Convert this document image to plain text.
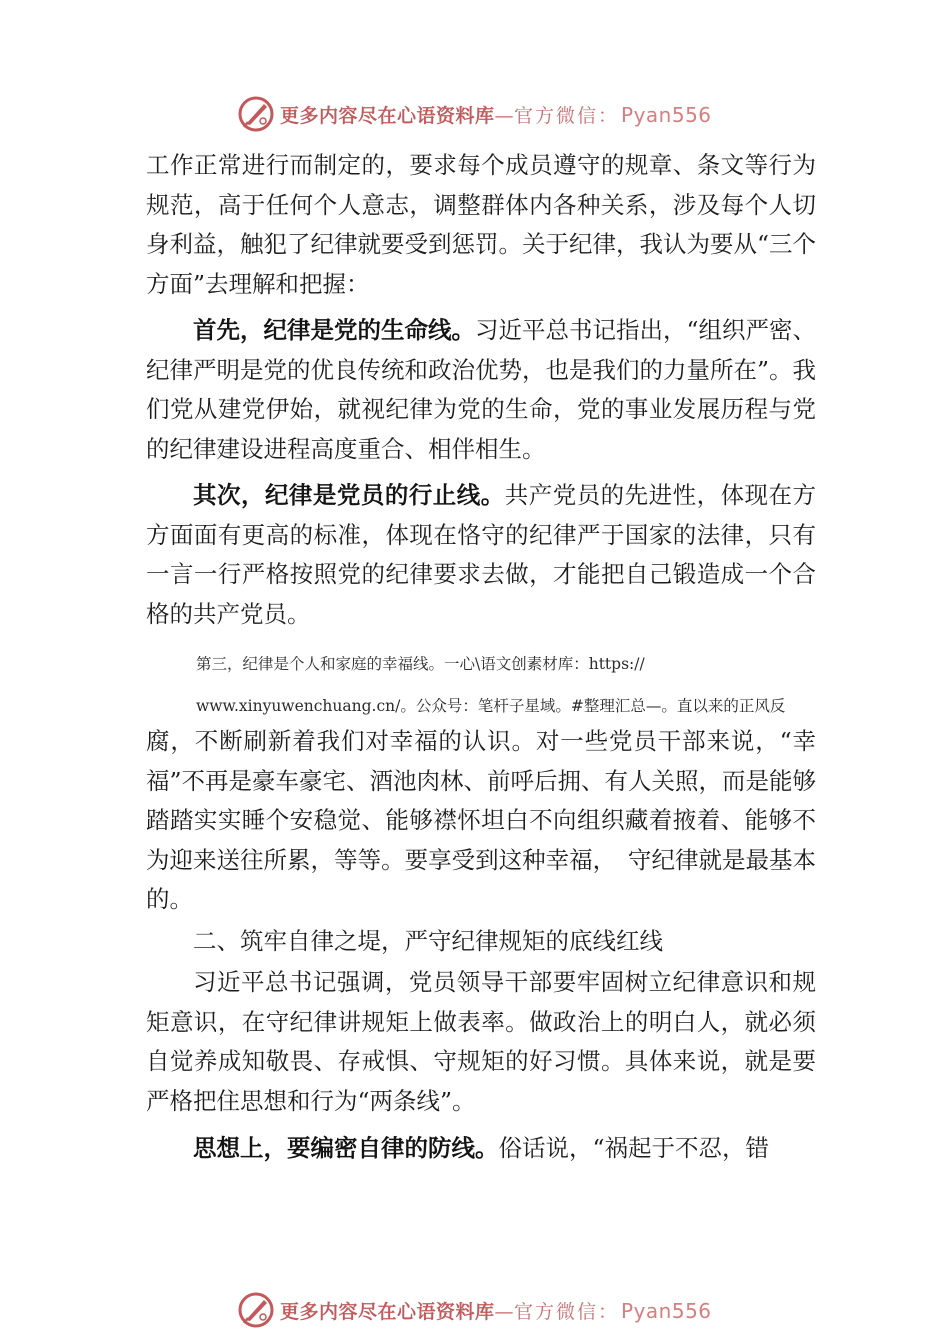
更多内容尽在心语资料库—官方微信： Pyan556

工作正常进行而制定的，要求每个成员遵守的规章、条文等行为规范，高于任何个人意志，调整群体内各种关系，涉及每个人切身利益，触犯了纪律就要受到惩罚。关于纪律，我认为要从“三个方面”去理解和把握：

首先，纪律是党的生命线。习近平总书记指出，“组织严密、纪律严明是党的优良传统和政治优势，也是我们的力量所在”。我们党从建党伊始，就视纪律为党的生命，党的事业发展历程与党的纪律建设进程高度重合、相伴相生。

其次，纪律是党员的行止线。共产党员的先进性，体现在方方面面有更高的标准，体现在恪守的纪律严于国家的法律，只有一言一行严格按照党的纪律要求去做，才能把自己锻造成一个合格的共产党员。

第三，纪律是个人和家庭的幸福线。一心\语文创素材库：https://
www.xinyuwenchuang.cn/。公众号：笔杆子星域。#整理汇总—。直以来的正风反

腐，不断刷新着我们对幸福的认识。对一些党员干部来说，“幸福”不再是豪车豪宅、酒池肉林、前呼后拥、有人关照，而是能够踏踏实实睡个安稳觉、能够襟怀坦白不向组织藏着掖着、能够不为迎来送往所累，等等。要享受到这种幸福，　守纪律就是最基本的。

二、筑牢自律之堤，严守纪律规矩的底线红线

习近平总书记强调，党员领导干部要牢固树立纪律意识和规矩意识，在守纪律讲规矩上做表率。做政治上的明白人，就必须自觉养成知敬畏、存戒惧、守规矩的好习惯。具体来说，就是要严格把住思想和行为“两条线”。

思想上，要编密自律的防线。俗话说，“祸起于不忍，错

更多内容尽在心语资料库—官方微信： Pyan556
